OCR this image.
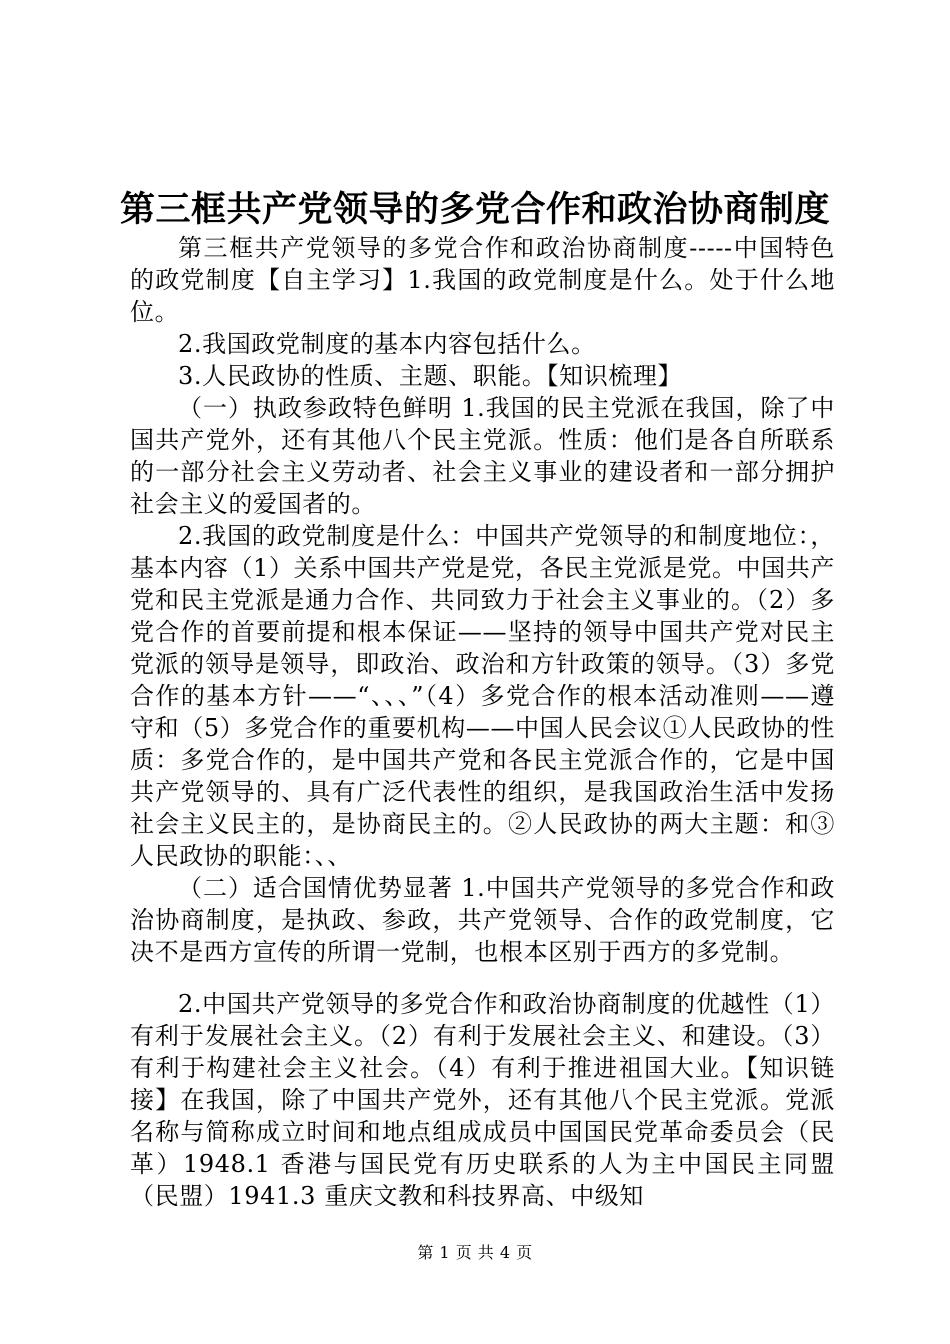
第三框共产党领导的多党合作和政治协商制度

第三框共产党领导的多党合作和政治协商制度-----中国特色的政党制度【自主学习】1.我国的政党制度是什么。处于什么地位。

2.我国政党制度的基本内容包括什么。

3.人民政协的性质、主题、职能。【知识梳理】

（一）执政参政特色鲜明 1.我国的民主党派在我国，除了中国共产党外，还有其他八个民主党派。性质：他们是各自所联系的一部分社会主义劳动者、社会主义事业的建设者和一部分拥护社会主义的爱国者的。

2.我国的政党制度是什么：中国共产党领导的和制度地位：，基本内容（1）关系中国共产党是党，各民主党派是党。中国共产党和民主党派是通力合作、共同致力于社会主义事业的。（2）多党合作的首要前提和根本保证——坚持的领导中国共产党对民主党派的领导是领导，即政治、政治和方针政策的领导。（3）多党合作的基本方针——“、、、”（4）多党合作的根本活动准则——遵守和（5）多党合作的重要机构——中国人民会议①人民政协的性质：多党合作的，是中国共产党和各民主党派合作的，它是中国共产党领导的、具有广泛代表性的组织，是我国政治生活中发扬社会主义民主的，是协商民主的。②人民政协的两大主题：和③人民政协的职能：、、

（二）适合国情优势显著 1.中国共产党领导的多党合作和政治协商制度，是执政、参政，共产党领导、合作的政党制度，它决不是西方宣传的所谓一党制，也根本区别于西方的多党制。

2.中国共产党领导的多党合作和政治协商制度的优越性（1）有利于发展社会主义。（2）有利于发展社会主义、和建设。（3）有利于构建社会主义社会。（4）有利于推进祖国大业。【知识链接】在我国，除了中国共产党外，还有其他八个民主党派。党派名称与简称成立时间和地点组成成员中国国民党革命委员会（民革）1948.1 香港与国民党有历史联系的人为主中国民主同盟（民盟）1941.3 重庆文教和科技界高、中级知

第 1 页 共 4 页
